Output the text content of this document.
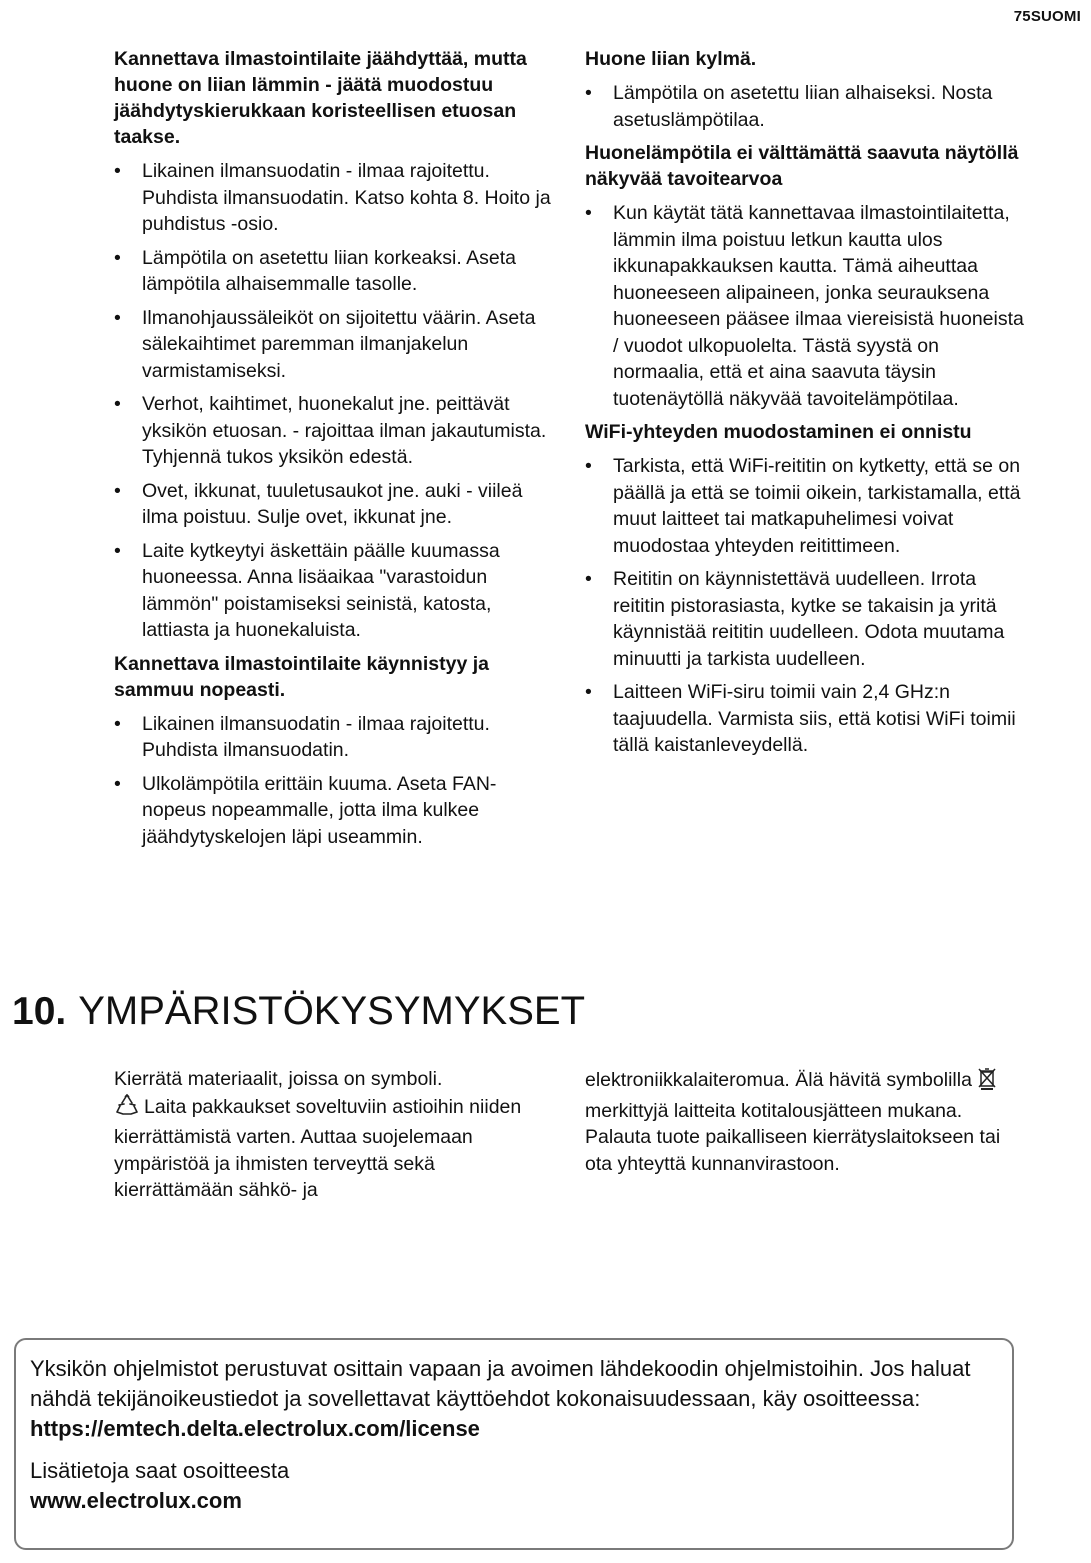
75SUOMI
Kannettava ilmastointilaite jäähdyttää, mutta huone on liian lämmin - jäätä muodostuu jäähdytyskierukkaan koristeellisen etuosan taakse.
•	Likainen ilmansuodatin - ilmaa rajoitettu. Puhdista ilmansuodatin. Katso kohta 8. Hoito ja puhdistus -osio.
•	Lämpötila on asetettu liian korkeaksi. Aseta lämpötila alhaisemmalle tasolle.
•	Ilmanohjaussäleiköt on sijoitettu väärin. Aseta sälekaihtimet paremman ilmanjakelun varmistamiseksi.
•	Verhot, kaihtimet, huonekalut jne. peittävät yksikön etuosan. - rajoittaa ilman jakautumista. Tyhjennä tukos yksikön edestä.
•	Ovet, ikkunat, tuuletusaukot jne. auki - viileä ilma poistuu. Sulje ovet, ikkunat jne.
•	Laite kytkeytyi äskettäin päälle kuumassa huoneessa. Anna lisäaikaa "varastoidun lämmön" poistamiseksi seinistä, katosta, lattiasta ja huonekaluista.
Kannettava ilmastointilaite käynnistyy ja sammuu nopeasti.
•	Likainen ilmansuodatin - ilmaa rajoitettu. Puhdista ilmansuodatin.
•	Ulkolämpötila erittäin kuuma. Aseta FAN-nopeus nopeammalle, jotta ilma kulkee jäähdytyskelojen läpi useammin.
Huone liian kylmä.
•	Lämpötila on asetettu liian alhaiseksi. Nosta asetuslämpötilaa.
Huonelämpötila ei välttämättä saavuta näytöllä näkyvää tavoitearvoa
•	Kun käytät tätä kannettavaa ilmastointilaitetta, lämmin ilma poistuu letkun kautta ulos ikkunapakkauksen kautta. Tämä aiheuttaa huoneeseen alipaineen, jonka seurauksena huoneeseen pääsee ilmaa viereisistä huoneista / vuodot ulkopuolelta. Tästä syystä on normaalia, että et aina saavuta täysin tuotenäytöllä näkyvää tavoitelämpötilaa.
WiFi-yhteyden muodostaminen ei onnistu
•	Tarkista, että WiFi-reititin on kytketty, että se on päällä ja että se toimii oikein, tarkistamalla, että muut laitteet tai matkapuhelimesi voivat muodostaa yhteyden reitittimeen.
•	Reititin on käynnistettävä uudelleen. Irrota reititin pistorasiasta, kytke se takaisin ja yritä käynnistää reititin uudelleen. Odota muutama minuutti ja tarkista uudelleen.
•	Laitteen WiFi-siru toimii vain 2,4 GHz:n taajuudella. Varmista siis, että kotisi WiFi toimii tällä kaistanleveydellä.
10. YMPÄRISTÖKYSYMYKSET
Kierrätä materiaalit, joissa on symboli.
Laita pakkaukset soveltuviin astioihin niiden kierrättämistä varten. Auttaa suojelemaan ympäristöä ja ihmisten terveyttä sekä kierrättämään sähkö- ja
elektroniikkalaiteromua. Älä hävitä symbolilla merkittyjä laitteita kotitalousjätteen mukana. Palauta tuote paikalliseen kierrätyslaitokseen tai ota yhteyttä kunnanvirastoon.
Yksikön ohjelmistot perustuvat osittain vapaan ja avoimen lähdekoodin ohjelmistoihin. Jos haluat nähdä tekijänoikeustiedot ja sovellettavat käyttöehdot kokonaisuudessaan, käy osoitteessa:
https://emtech.delta.electrolux.com/license
Lisätietoja saat osoitteesta
www.electrolux.com
